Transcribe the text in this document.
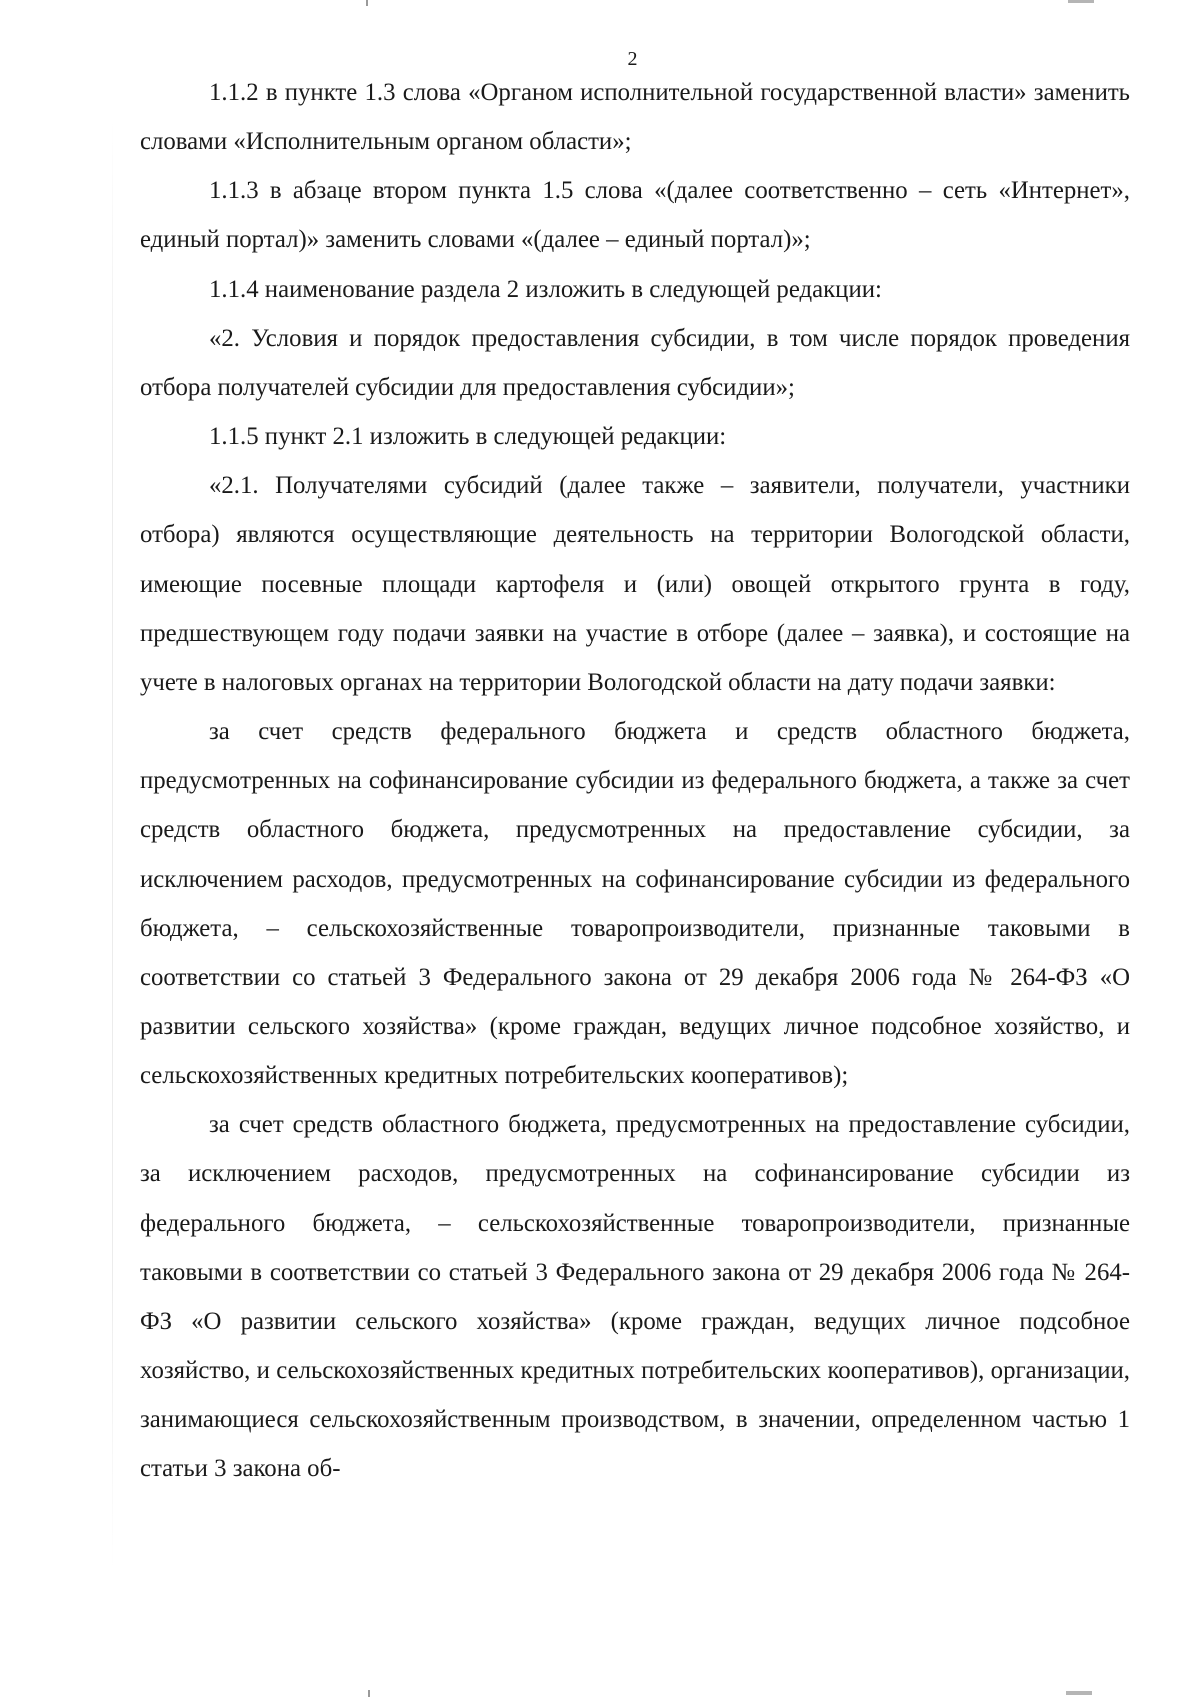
2

1.1.2 в пункте 1.3 слова «Органом исполнительной государственной власти» заменить словами «Исполнительным органом области»;

1.1.3 в абзаце втором пункта 1.5 слова «(далее соответственно – сеть «Интернет», единый портал)» заменить словами «(далее – единый портал)»;

1.1.4 наименование раздела 2 изложить в следующей редакции:

«2. Условия и порядок предоставления субсидии, в том числе порядок проведения отбора получателей субсидии для предоставления субсидии»;

1.1.5 пункт 2.1 изложить в следующей редакции:

«2.1. Получателями субсидий (далее также – заявители, получатели, участники отбора) являются осуществляющие деятельность на территории Вологодской области, имеющие посевные площади картофеля и (или) овощей открытого грунта в году, предшествующем году подачи заявки на участие в отборе (далее – заявка), и состоящие на учете в налоговых органах на территории Вологодской области на дату подачи заявки:

за счет средств федерального бюджета и средств областного бюджета, предусмотренных на софинансирование субсидии из федерального бюджета, а также за счет средств областного бюджета, предусмотренных на предоставление субсидии, за исключением расходов, предусмотренных на софинансирование субсидии из федерального бюджета, – сельскохозяйственные товаропроизводители, признанные таковыми в соответствии со статьей 3 Федерального закона от 29 декабря 2006 года № 264-ФЗ «О развитии сельского хозяйства» (кроме граждан, ведущих личное подсобное хозяйство, и сельскохозяйственных кредитных потребительских кооперативов);

за счет средств областного бюджета, предусмотренных на предоставление субсидии, за исключением расходов, предусмотренных на софинансирование субсидии из федерального бюджета, – сельскохозяйственные товаропроизводители, признанные таковыми в соответствии со статьей 3 Федерального закона от 29 декабря 2006 года № 264-ФЗ «О развитии сельского хозяйства» (кроме граждан, ведущих личное подсобное хозяйство, и сельскохозяйственных кредитных потребительских кооперативов), организации, занимающиеся сельскохозяйственным производством, в значении, определенном частью 1 статьи 3 закона об-
